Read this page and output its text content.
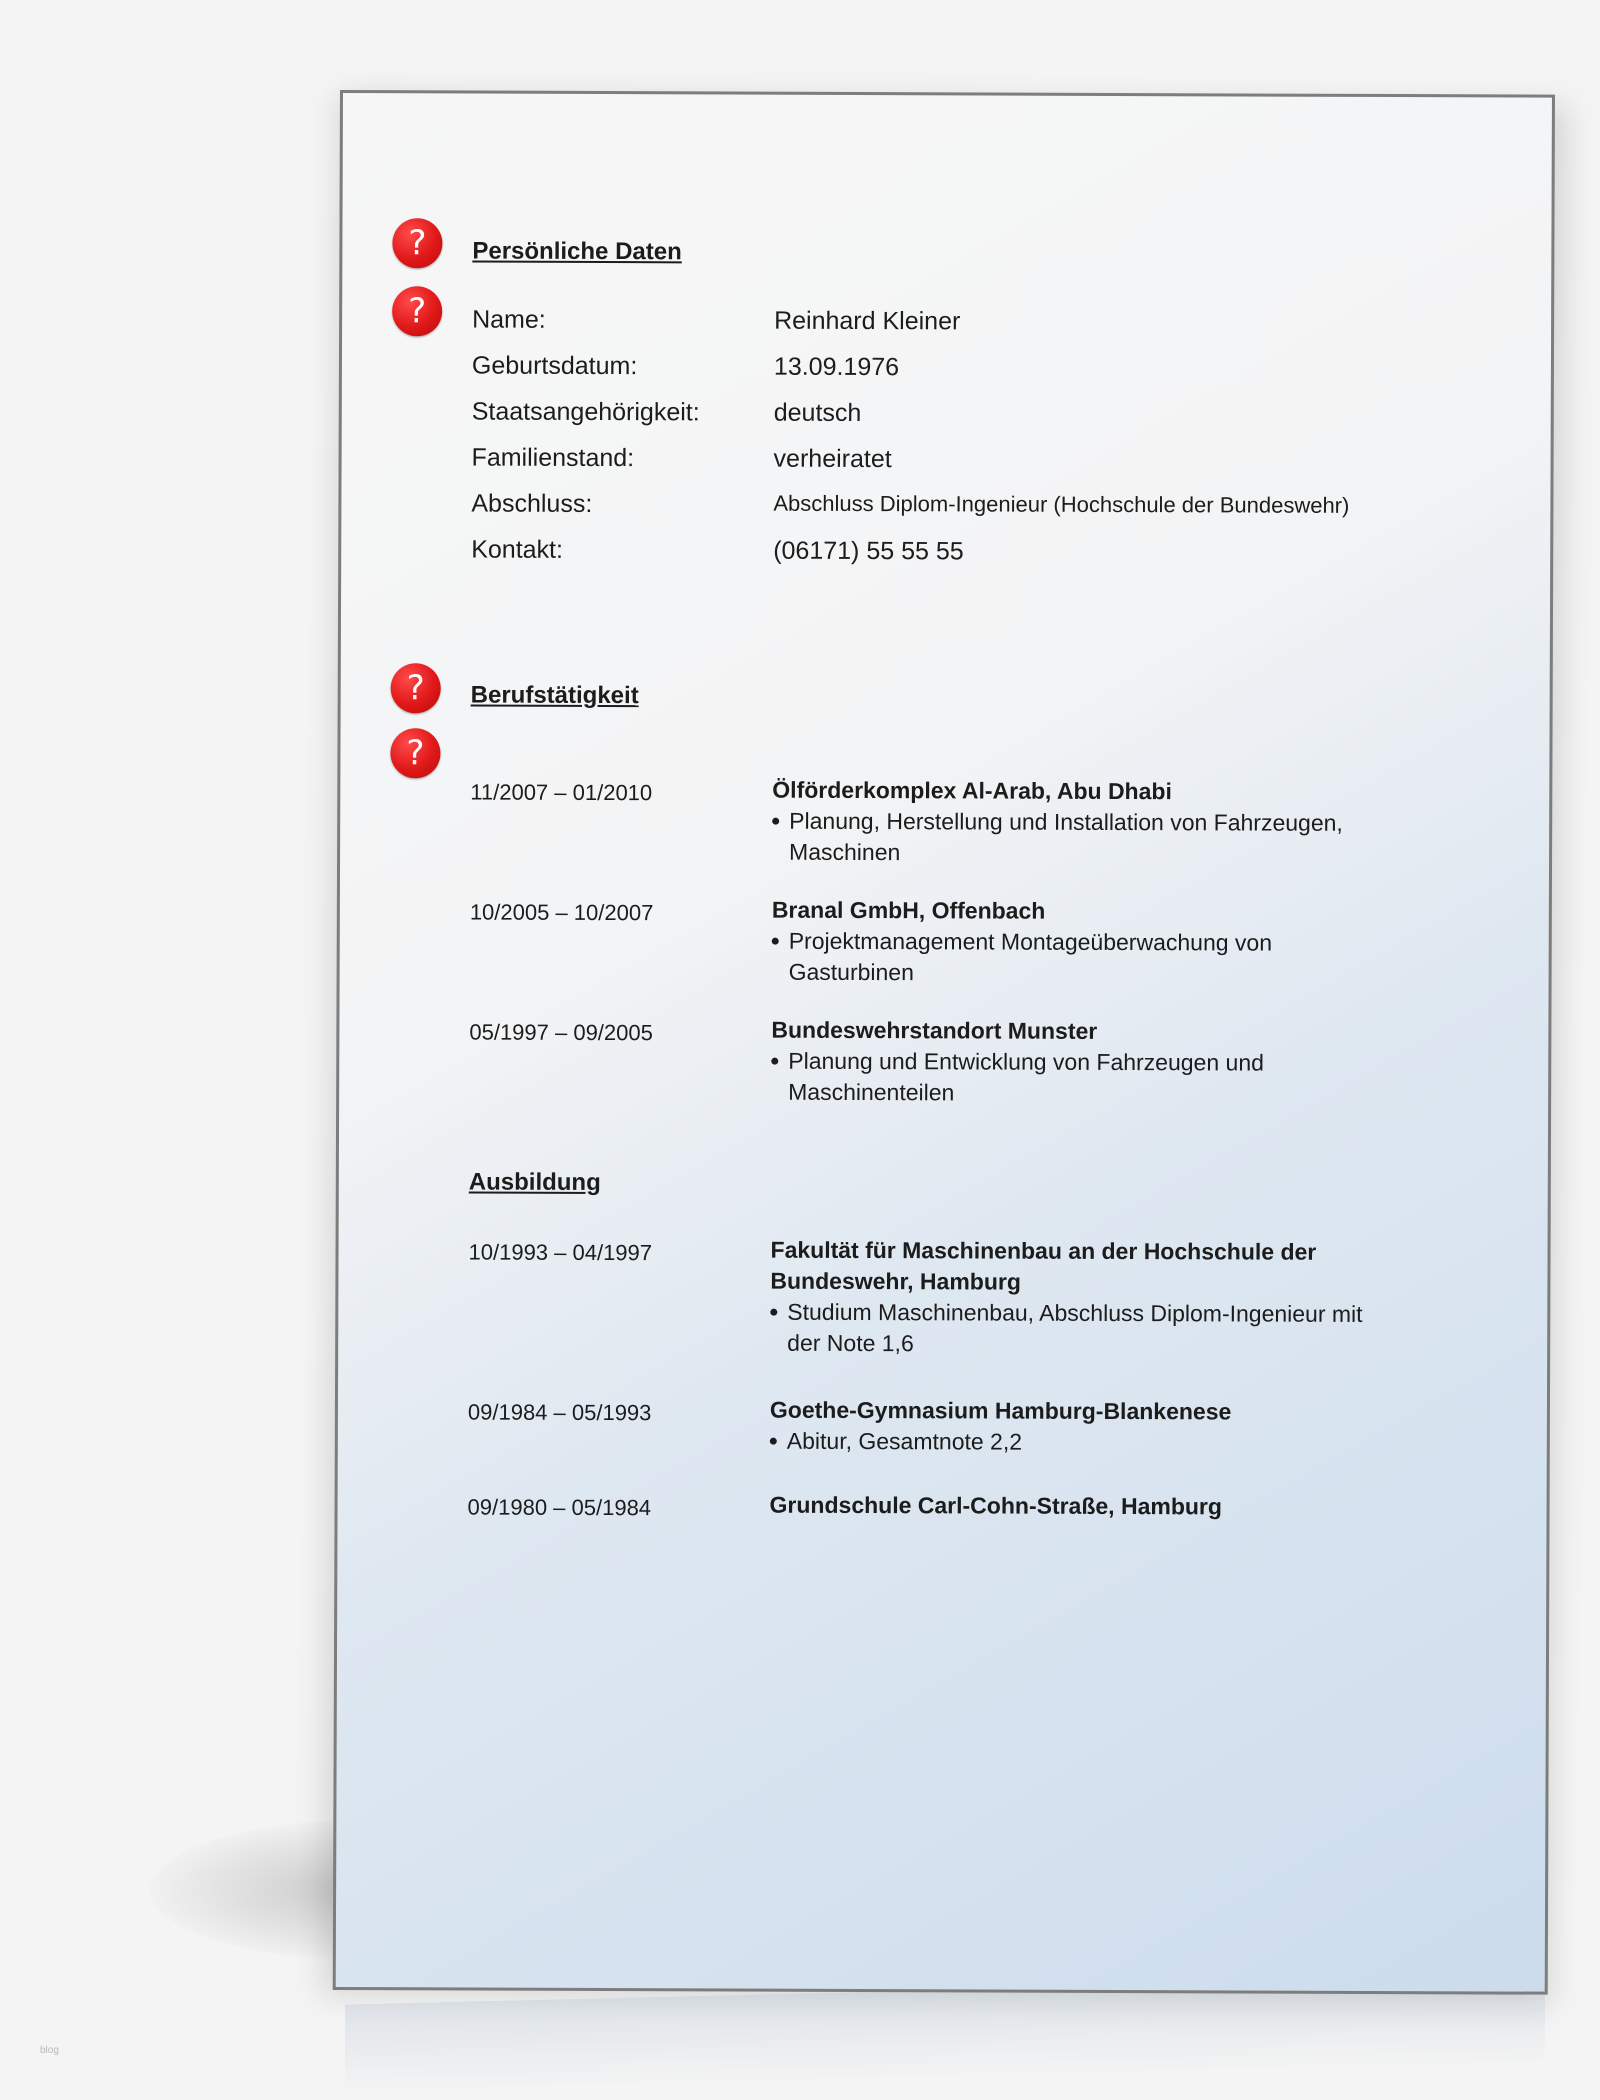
?
?
?
?
Persönliche Daten
Name:	Reinhard Kleiner
Geburtsdatum:	13.09.1976
Staatsangehörigkeit:	deutsch
Familienstand:	verheiratet
Abschluss:	Abschluss Diplom-Ingenieur (Hochschule der Bundeswehr)
Kontakt:	(06171) 55 55 55
Berufstätigkeit
11/2007 – 01/2010	Ölförderkomplex Al-Arab, Abu Dhabi
Planung, Herstellung und Installation von Fahrzeugen,
Maschinen
10/2005 – 10/2007	Branal GmbH, Offenbach
Projektmanagement Montageüberwachung von
Gasturbinen
05/1997 – 09/2005	Bundeswehrstandort Munster
Planung und Entwicklung von Fahrzeugen und
Maschinenteilen
Ausbildung
10/1993 – 04/1997	Fakultät für Maschinenbau an der Hochschule der
Bundeswehr, Hamburg
Studium Maschinenbau, Abschluss Diplom-Ingenieur mit
der Note 1,6
09/1984 – 05/1993	Goethe-Gymnasium Hamburg-Blankenese
Abitur, Gesamtnote 2,2
09/1980 – 05/1984	Grundschule Carl-Cohn-Straße, Hamburg
blog
